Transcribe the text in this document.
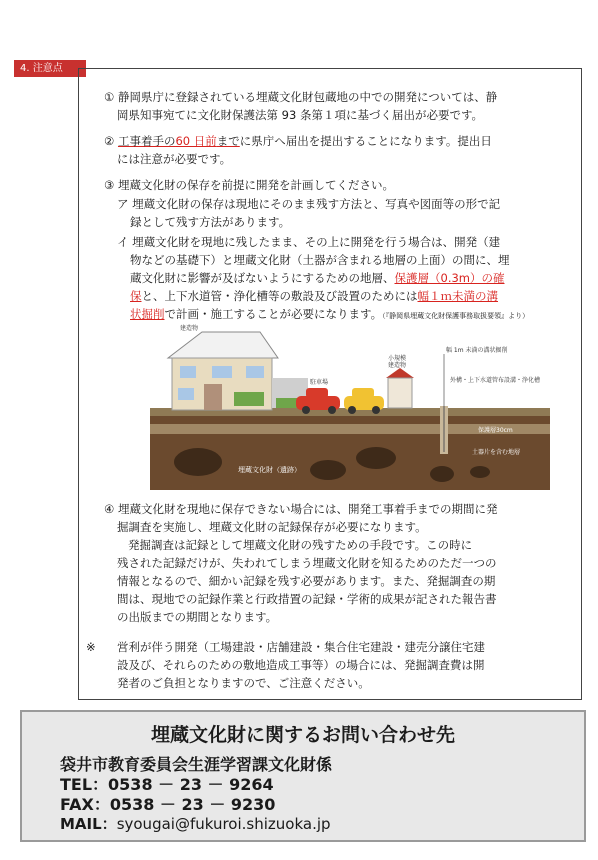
4. 注意点
① 静岡県庁に登録されている埋蔵文化財包蔵地の中での開発については、静
岡県知事宛てに文化財保護法第 93 条第１項に基づく届出が必要です。
② 工事着手の60 日前までに県庁へ届出を提出することになります。提出日
には注意が必要です。
③ 埋蔵文化財の保存を前提に開発を計画してください。
ア 埋蔵文化財の保存は現地にそのまま残す方法と、写真や図面等の形で記
録として残す方法があります。
イ 埋蔵文化財を現地に残したまま、その上に開発を行う場合は、開発（建
物などの基礎下）と埋蔵文化財（土器が含まれる地層の上面）の間に、埋
蔵文化財に影響が及ばないようにするための地層、保護層（0.3m）の確
保と、上下水道管・浄化槽等の敷設及び設置のためには幅１ｍ未満の溝
状掘削で計画・施工することが必要になります。（『静岡県埋蔵文化財保護事務取扱要領』より）
建造物
駐車場
小規模
建造物
幅 1m 未満の溝状掘削
外構・上下水道管布設溝・浄化槽
保護層30cm
土器片を含む地層
埋蔵文化財（遺跡）
④ 埋蔵文化財を現地に保存できない場合には、開発工事着手までの期間に発
掘調査を実施し、埋蔵文化財の記録保存が必要になります。
発掘調査は記録として埋蔵文化財の残すための手段です。この時に
残された記録だけが、失われてしまう埋蔵文化財を知るためのただ一つの
情報となるので、細かい記録を残す必要があります。また、発掘調査の期
間は、現地での記録作業と行政措置の記録・学術的成果が記された報告書
の出版までの期間となります。
※ 営利が伴う開発（工場建設・店舗建設・集合住宅建設・建売分譲住宅建
設及び、それらのための敷地造成工事等）の場合には、発掘調査費は開
発者のご負担となりますので、ご注意ください。
埋蔵文化財に関するお問い合わせ先
袋井市教育委員会生涯学習課文化財係
TEL：0538 － 23 － 9264
FAX：0538 － 23 － 9230
MAIL：syougai@fukuroi.shizuoka.jp
